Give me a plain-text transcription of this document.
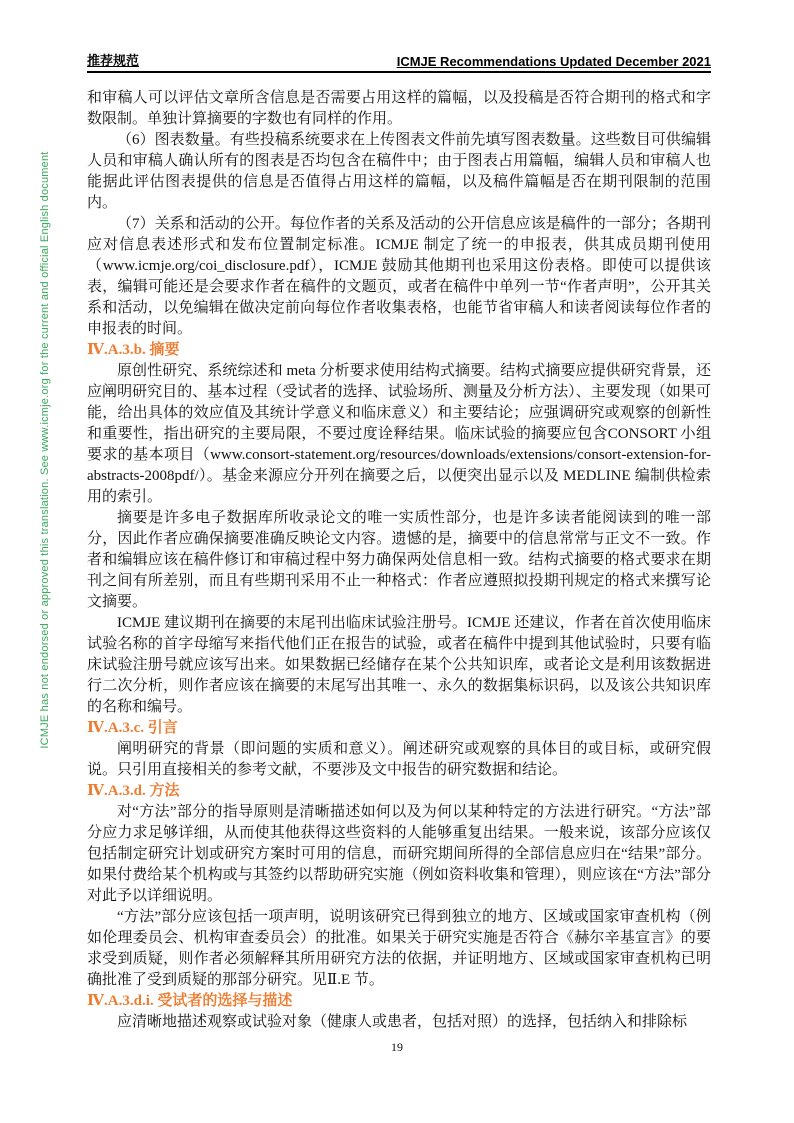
ICMJE has not endorsed or approved this translation. See www.icmje.org for the current and official English document
推荐规范	ICMJE Recommendations Updated December 2021

和审稿人可以评估文章所含信息是否需要占用这样的篇幅，以及投稿是否符合期刊的格式和字数限制。单独计算摘要的字数也有同样的作用。

（6）图表数量。有些投稿系统要求在上传图表文件前先填写图表数量。这些数目可供编辑人员和审稿人确认所有的图表是否均包含在稿件中；由于图表占用篇幅，编辑人员和审稿人也能据此评估图表提供的信息是否值得占用这样的篇幅，以及稿件篇幅是否在期刊限制的范围内。

（7）关系和活动的公开。每位作者的关系及活动的公开信息应该是稿件的一部分；各期刊应对信息表述形式和发布位置制定标准。ICMJE 制定了统一的申报表，供其成员期刊使用（www.icmje.org/coi_disclosure.pdf），ICMJE 鼓励其他期刊也采用这份表格。即使可以提供该表，编辑可能还是会要求作者在稿件的文题页，或者在稿件中单列一节“作者声明”，公开其关系和活动，以免编辑在做决定前向每位作者收集表格，也能节省审稿人和读者阅读每位作者的申报表的时间。

Ⅳ.A.3.b. 摘要

原创性研究、系统综述和 meta 分析要求使用结构式摘要。结构式摘要应提供研究背景，还应阐明研究目的、基本过程（受试者的选择、试验场所、测量及分析方法）、主要发现（如果可能，给出具体的效应值及其统计学意义和临床意义）和主要结论；应强调研究或观察的创新性和重要性，指出研究的主要局限，不要过度诠释结果。临床试验的摘要应包含CONSORT 小组要求的基本项目（www.consort-statement.org/resources/downloads/extensions/consort-extension-for-abstracts-2008pdf/）。基金来源应分开列在摘要之后，以便突出显示以及 MEDLINE 编制供检索用的索引。

摘要是许多电子数据库所收录论文的唯一实质性部分，也是许多读者能阅读到的唯一部分，因此作者应确保摘要准确反映论文内容。遗憾的是，摘要中的信息常常与正文不一致。作者和编辑应该在稿件修订和审稿过程中努力确保两处信息相一致。结构式摘要的格式要求在期刊之间有所差别，而且有些期刊采用不止一种格式：作者应遵照拟投期刊规定的格式来撰写论文摘要。

ICMJE 建议期刊在摘要的末尾刊出临床试验注册号。ICMJE 还建议，作者在首次使用临床试验名称的首字母缩写来指代他们正在报告的试验，或者在稿件中提到其他试验时，只要有临床试验注册号就应该写出来。如果数据已经储存在某个公共知识库，或者论文是利用该数据进行二次分析，则作者应该在摘要的末尾写出其唯一、永久的数据集标识码，以及该公共知识库的名称和编号。

Ⅳ.A.3.c. 引言

阐明研究的背景（即问题的实质和意义）。阐述研究或观察的具体目的或目标，或研究假说。只引用直接相关的参考文献，不要涉及文中报告的研究数据和结论。

Ⅳ.A.3.d. 方法

对“方法”部分的指导原则是清晰描述如何以及为何以某种特定的方法进行研究。“方法”部分应力求足够详细，从而使其他获得这些资料的人能够重复出结果。一般来说，该部分应该仅包括制定研究计划或研究方案时可用的信息，而研究期间所得的全部信息应归在“结果”部分。如果付费给某个机构或与其签约以帮助研究实施（例如资料收集和管理），则应该在“方法”部分对此予以详细说明。

“方法”部分应该包括一项声明，说明该研究已得到独立的地方、区域或国家审查机构（例如伦理委员会、机构审查委员会）的批准。如果关于研究实施是否符合《赫尔辛基宣言》的要求受到质疑，则作者必须解释其所用研究方法的依据，并证明地方、区域或国家审查机构已明确批准了受到质疑的那部分研究。见Ⅱ.E 节。

Ⅳ.A.3.d.i. 受试者的选择与描述

应清晰地描述观察或试验对象（健康人或患者，包括对照）的选择，包括纳入和排除标

19
